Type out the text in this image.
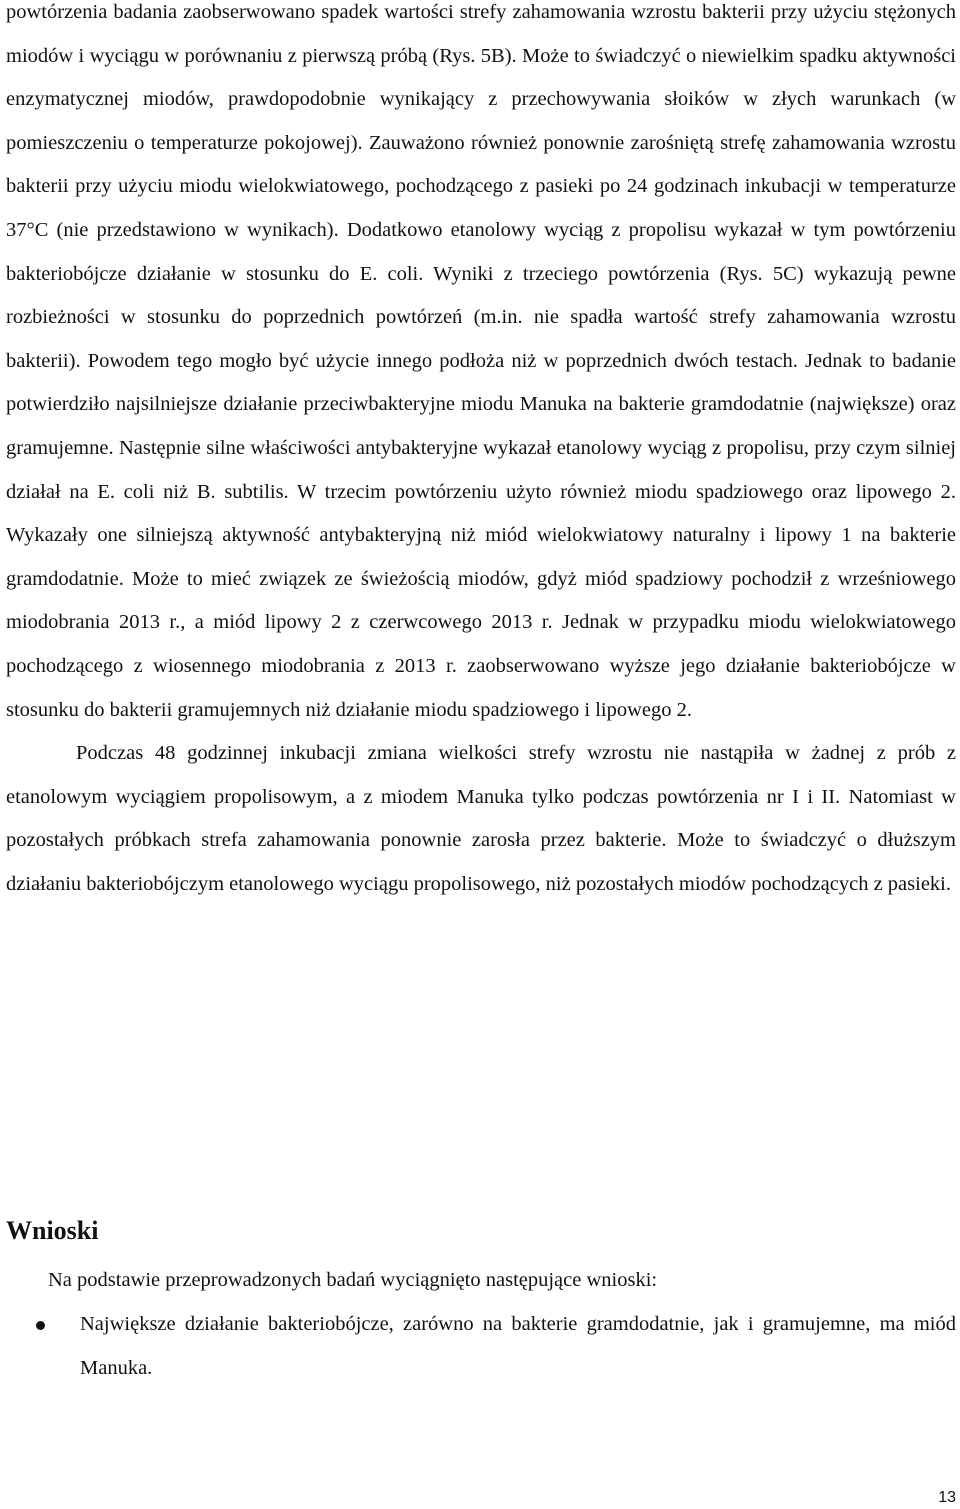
powtórzenia badania zaobserwowano spadek wartości strefy zahamowania wzrostu bakterii przy użyciu stężonych miodów i wyciągu w porównaniu z pierwszą próbą (Rys. 5B). Może to świadczyć o niewielkim spadku aktywności enzymatycznej miodów, prawdopodobnie wynikający z przechowywania słoików w złych warunkach (w pomieszczeniu o temperaturze pokojowej). Zauważono również ponownie zarośniętą strefę zahamowania wzrostu bakterii przy użyciu miodu wielokwiatowego, pochodzącego z pasieki po 24 godzinach inkubacji w temperaturze 37°C (nie przedstawiono w wynikach). Dodatkowo etanolowy wyciąg z propolisu wykazał w tym powtórzeniu bakteriobójcze działanie w stosunku do E. coli. Wyniki z trzeciego powtórzenia (Rys. 5C) wykazują pewne rozbieżności w stosunku do poprzednich powtórzeń (m.in. nie spadła wartość strefy zahamowania wzrostu bakterii). Powodem tego mogło być użycie innego podłoża niż w poprzednich dwóch testach. Jednak to badanie potwierdziło najsilniejsze działanie przeciwbakteryjne miodu Manuka na bakterie gramdodatnie (największe) oraz gramujemne. Następnie silne właściwości antybakteryjne wykazał etanolowy wyciąg z propolisu, przy czym silniej działał na E. coli niż B. subtilis. W trzecim powtórzeniu użyto również miodu spadziowego oraz lipowego 2. Wykazały one silniejszą aktywność antybakteryjną niż miód wielokwiatowy naturalny i lipowy 1 na bakterie gramdodatnie. Może to mieć związek ze świeżością miodów, gdyż miód spadziowy pochodził z wrześniowego miodobrania 2013 r., a miód lipowy 2 z czerwcowego 2013 r. Jednak w przypadku miodu wielokwiatowego pochodzącego z wiosennego miodobrania z 2013 r. zaobserwowano wyższe jego działanie bakteriobójcze w stosunku do bakterii gramujemnych niż działanie miodu spadziowego i lipowego 2.

Podczas 48 godzinnej inkubacji zmiana wielkości strefy wzrostu nie nastąpiła w żadnej z prób z etanolowym wyciągiem propolisowym, a z miodem Manuka tylko podczas powtórzenia nr I i II. Natomiast w pozostałych próbkach strefa zahamowania ponownie zarosła przez bakterie. Może to świadczyć o dłuższym działaniu bakteriobójczym etanolowego wyciągu propolisowego, niż pozostałych miodów pochodzących z pasieki.

Wnioski

Na podstawie przeprowadzonych badań wyciągnięto następujące wnioski:

Największe działanie bakteriobójcze, zarówno na bakterie gramdodatnie, jak i gramujemne, ma miód Manuka.
13
